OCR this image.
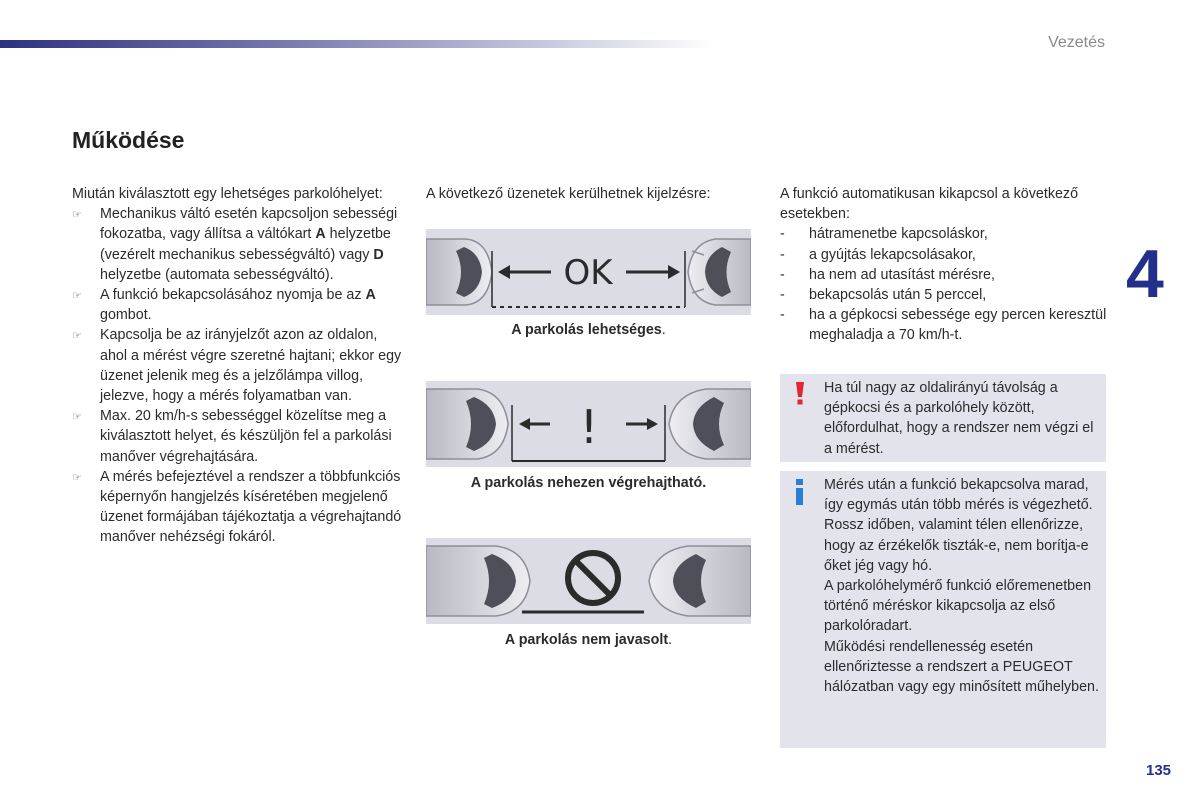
Vezetés
4
Működése
Miután kiválasztott egy lehetséges parkolóhelyet:
☞	Mechanikus váltó esetén kapcsoljon sebességi fokozatba, vagy állítsa a váltókart A helyzetbe (vezérelt mechanikus sebességváltó) vagy D helyzetbe (automata sebességváltó).
☞	A funkció bekapcsolásához nyomja be az A gombot.
☞	Kapcsolja be az irányjelzőt azon az oldalon, ahol a mérést végre szeretné hajtani; ekkor egy üzenet jelenik meg és a jelzőlámpa villog, jelezve, hogy a mérés folyamatban van.
☞	Max. 20 km/h-s sebességgel közelítse meg a kiválasztott helyet, és készüljön fel a parkolási manőver végrehajtására.
☞	A mérés befejeztével a rendszer a többfunkciós képernyőn hangjelzés kíséretében megjelenő üzenet formájában tájékoztatja a végrehajtandó manőver nehézségi fokáról.
A következő üzenetek kerülhetnek kijelzésre:
OK
A parkolás lehetséges.
!
A parkolás nehezen végrehajtható.
A parkolás nem javasolt.
A funkció automatikusan kikapcsol a következő esetekben:
-	hátramenetbe kapcsoláskor,
-	a gyújtás lekapcsolásakor,
-	ha nem ad utasítást mérésre,
-	bekapcsolás után 5 perccel,
-	ha a gépkocsi sebessége egy percen keresztül meghaladja a 70 km/h-t.
Ha túl nagy az oldalirányú távolság a gépkocsi és a parkolóhely között, előfordulhat, hogy a rendszer nem végzi el a mérést.

Mérés után a funkció bekapcsolva marad, így egymás után több mérés is végezhető.

Rossz időben, valamint télen ellenőrizze, hogy az érzékelők tiszták-e, nem borítja-e őket jég vagy hó.

A parkolóhelymérő funkció előremenetben történő méréskor kikapcsolja az első parkolóradart.

Működési rendellenesség esetén ellenőriztesse a rendszert a PEUGEOT hálózatban vagy egy minősített műhelyben.

135
